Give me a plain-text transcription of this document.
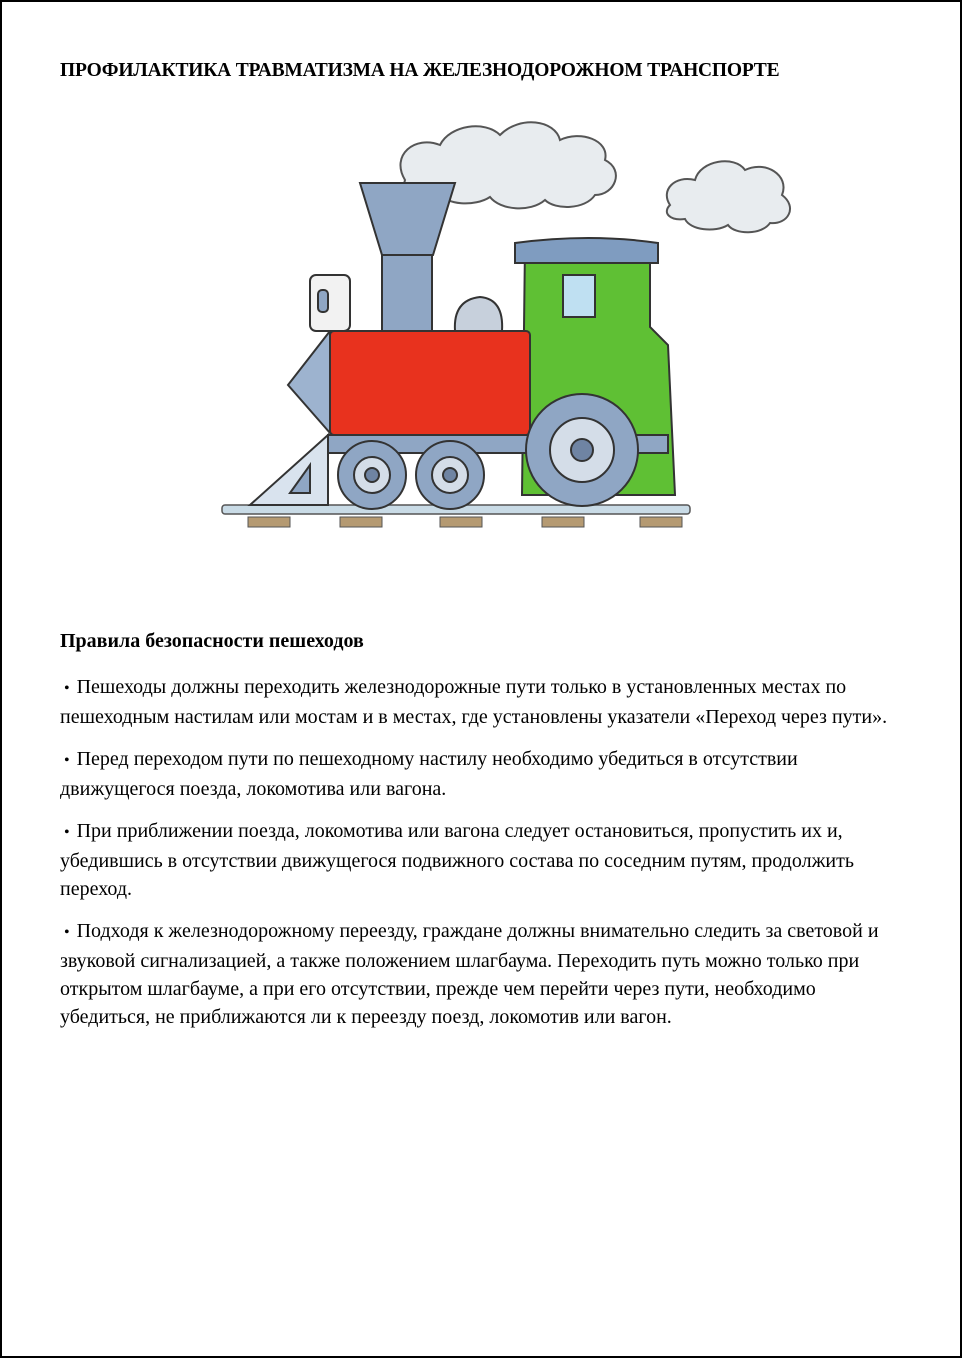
ПРОФИЛАКТИКА ТРАВМАТИЗМА НА ЖЕЛЕЗНОДОРОЖНОМ ТРАНСПОРТЕ
Правила безопасности пешеходов

• Пешеходы должны переходить железнодорожные пути только в установленных местах по пешеходным настилам или мостам и в местах, где установлены указатели «Переход через пути».

• Перед переходом пути по пешеходному настилу необходимо убедиться в отсутствии движущегося поезда, локомотива или вагона.

• При приближении поезда, локомотива или вагона следует остановиться, пропустить их и, убедившись в отсутствии движущегося подвижного состава по соседним путям, продолжить переход.

• Подходя к железнодорожному переезду, граждане должны внимательно следить за световой и звуковой сигнализацией, а также положением шлагбаума. Переходить путь можно только при открытом шлагбауме, а при его отсутствии, прежде чем перейти через пути, необходимо убедиться, не приближаются ли к переезду поезд, локомотив или вагон.
